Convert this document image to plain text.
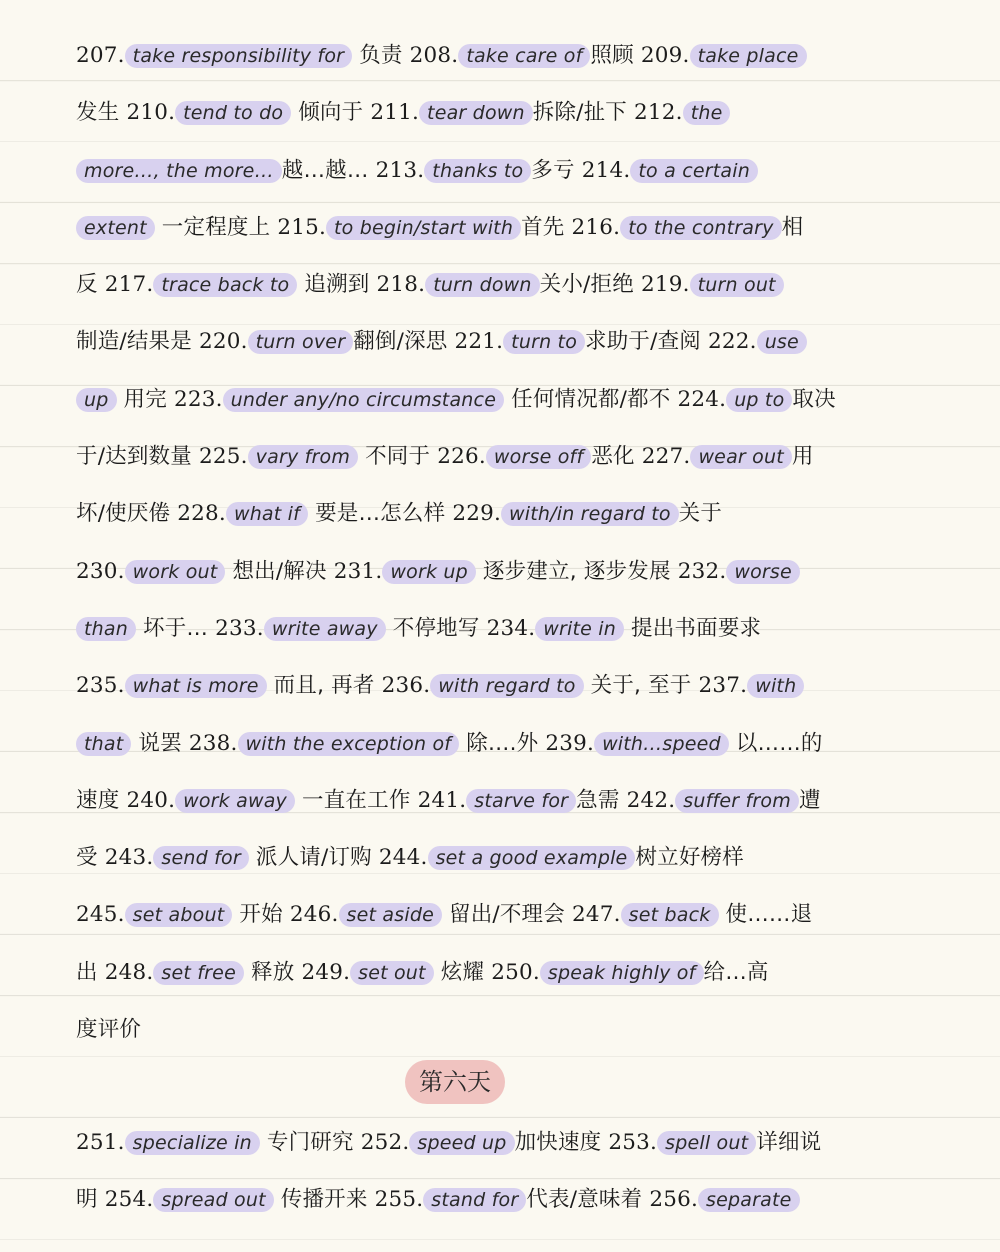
207. take responsibility for 负责 208. take care of 照顾 209. take place
发生 210. tend to do 倾向于 211. tear down 拆除/扯下 212. the
more…, the more… 越…越… 213. thanks to 多亏 214. to a certain
extent 一定程度上 215. to begin/start with 首先 216. to the contrary 相
反 217. trace back to 追溯到 218. turn down 关小/拒绝 219. turn out
制造/结果是 220. turn over 翻倒/深思 221. turn to 求助于/查阅 222. use
up 用完 223. under any/no circumstance 任何情况都/都不 224. up to 取决
于/达到数量 225. vary from 不同于 226. worse off 恶化 227. wear out 用
坏/使厌倦 228. what if 要是…怎么样 229. with/in regard to 关于
230. work out 想出/解决 231. work up 逐步建立, 逐步发展 232. worse
than 坏于… 233. write away 不停地写 234. write in 提出书面要求
235. what is more 而且, 再者 236. with regard to 关于, 至于 237. with
that 说罢 238. with the exception of 除….外 239. with…speed 以……的
速度 240. work away 一直在工作 241. starve for 急需 242. suffer from 遭
受 243. send for 派人请/订购 244. set a good example 树立好榜样
245. set about 开始 246. set aside 留出/不理会 247. set back 使……退
出 248. set free 释放 249. set out 炫耀 250. speak highly of 给…高
度评价
第六天
251. specialize in 专门研究 252. speed up 加快速度 253. spell out 详细说
明 254. spread out 传播开来 255. stand for 代表/意味着 256. separate
